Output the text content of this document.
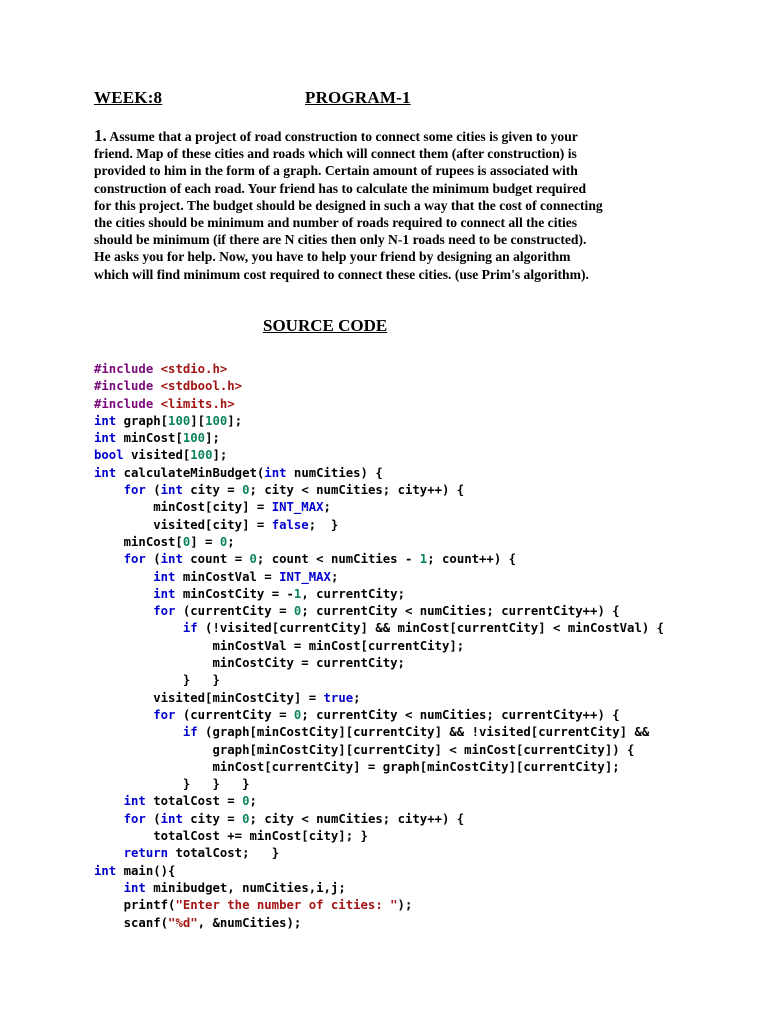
WEEK:8	PROGRAM-1
1. Assume that a project of road construction to connect some cities is given to your
friend. Map of these cities and roads which will connect them (after construction) is
provided to him in the form of a graph. Certain amount of rupees is associated with
construction of each road. Your friend has to calculate the minimum budget required
for this project. The budget should be designed in such a way that the cost of connecting
the cities should be minimum and number of roads required to connect all the cities
should be minimum (if there are N cities then only N-1 roads need to be constructed).
He asks you for help. Now, you have to help your friend by designing an algorithm
which will find minimum cost required to connect these cities. (use Prim's algorithm).
SOURCE CODE
#include <stdio.h>
#include <stdbool.h>
#include <limits.h>
int graph[100][100];
int minCost[100];
bool visited[100];
int calculateMinBudget(int numCities) {
for (int city = 0; city < numCities; city++) {
minCost[city] = INT_MAX;
visited[city] = false;  }
minCost[0] = 0;
for (int count = 0; count < numCities - 1; count++) {
int minCostVal = INT_MAX;
int minCostCity = -1, currentCity;
for (currentCity = 0; currentCity < numCities; currentCity++) {
if (!visited[currentCity] && minCost[currentCity] < minCostVal) {
minCostVal = minCost[currentCity];
minCostCity = currentCity;
}   }
visited[minCostCity] = true;
for (currentCity = 0; currentCity < numCities; currentCity++) {
if (graph[minCostCity][currentCity] && !visited[currentCity] &&
graph[minCostCity][currentCity] < minCost[currentCity]) {
minCost[currentCity] = graph[minCostCity][currentCity];
}   }   }
int totalCost = 0;
for (int city = 0; city < numCities; city++) {
totalCost += minCost[city]; }
return totalCost;   }
int main(){
int minibudget, numCities,i,j;
printf("Enter the number of cities: ");
scanf("%d", &numCities);
